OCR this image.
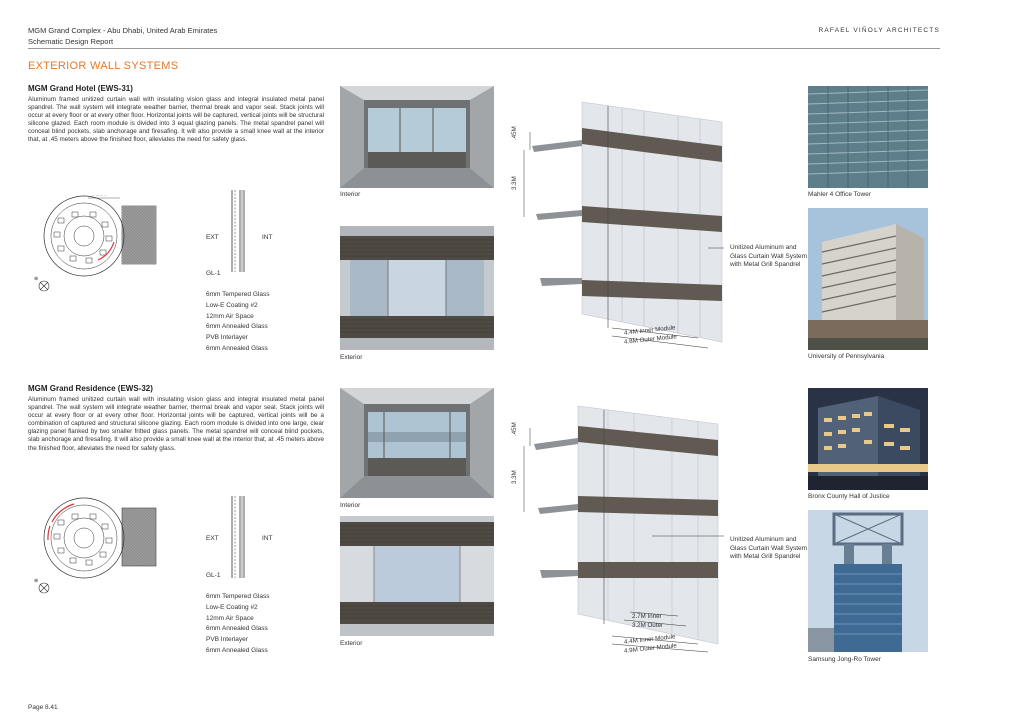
MGM Grand Complex - Abu Dhabi, United Arab Emirates
Schematic Design Report
RAFAEL VIÑOLY ARCHITECTS
EXTERIOR WALL SYSTEMS
MGM Grand Hotel (EWS-31)
Aluminum framed unitized curtain wall with insulating vision glass and integral insulated metal panel spandrel. The wall system will integrate weather barrier, thermal break and vapor seal. Stack joints will occur at every floor or at every other floor. Horizontal joints will be captured, vertical joints will be structural silicone glazed. Each room module is divided into 3 equal glazing panels. The metal spandrel panel will conceal blind pockets, slab anchorage and firesafing. It will also provide a small knee wall at the interior that, at .45 meters above the finished floor, alleviates the need for safety glass.
← — — →
⊕
EXT	INT
GL-1
6mm Tempered Glass
Low-E Coating #2
12mm Air Space
6mm Annealed Glass
PVB Interlayer
6mm Annealed Glass
Interior
Exterior
.45M
3.3M
Unitized Aluminum and Glass Curtain Wall System with Metal Grill Spandrel
4.4M Inner Module
4.8M Outer Module
Mahler 4 Office Tower
University of Pennsylvania
MGM Grand Residence (EWS-32)
Aluminum framed unitized curtain wall with insulating vision glass and integral insulated metal panel spandrel. The wall system will integrate weather barrier, thermal break and vapor seal. Stack joints will occur at every floor or at every other floor. Horizontal joints will be captured, vertical joints will be a combination of captured and structural silicone glazing. Each room module is divided into one large, clear glazing panel flanked by two smaller fritted glass panels. The metal spandrel will conceal blind pockets, slab anchorage and firesafing. It will also provide a small knee wall at the interior that, at .45 meters above the finished floor, alleviates the need for safety glass.
⊕
EXT	INT
GL-1
6mm Tempered Glass
Low-E Coating #2
12mm Air Space
6mm Annealed Glass
PVB Interlayer
6mm Annealed Glass
Interior
Exterior
.45M
3.3M
Unitized Aluminum and Glass Curtain Wall System with Metal Grill Spandrel
2.7M Inner
3.2M Outer
4.4M Inner Module
4.9M Outer Module
Bronx County Hall of Justice
Samsung Jong-Ro Tower
Page 8.41
